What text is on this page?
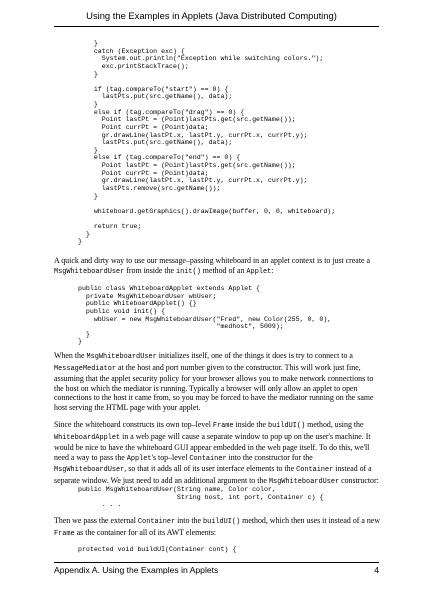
Using the Examples in Applets (Java Distributed Computing)
}
catch (Exception exc) {
System.out.println("Exception while switching colors.");
exc.printStackTrace();
}

if (tag.compareTo("start") == 0) {
lastPts.put(src.getName(), data);
}
else if (tag.compareTo("drag") == 0) {
Point lastPt = (Point)lastPts.get(src.getName());
Point currPt = (Point)data;
gr.drawLine(lastPt.x, lastPt.y, currPt.x, currPt.y);
lastPts.put(src.getName(), data);
}
else if (tag.compareTo("end") == 0) {
Point lastPt = (Point)lastPts.get(src.getName());
Point currPt = (Point)data;
gr.drawLine(lastPt.x, lastPt.y, currPt.x, currPt.y);
lastPts.remove(src.getName());
}

whiteboard.getGraphics().drawImage(buffer, 0, 0, whiteboard);

return true;
}
}

A quick and dirty way to use our message–passing whiteboard in an applet context is to just create a MsgWhiteboardUser from inside the init() method of an Applet:

public class WhiteboardApplet extends Applet {
private MsgWhiteboardUser wbUser;
public WhiteboardApplet() {}
public void init() {
wbUser = new MsgWhiteboardUser("Fred", new Color(255, 0, 0),
"medhost", 5009);
}
}

When the MsgWhiteboardUser initializes itself, one of the things it does is try to connect to a MessageMediator at the host and port number given to the constructor. This will work just fine, assuming that the applet security policy for your browser allows you to make network connections to the host on which the mediator is running. Typically a browser will only allow an applet to open connections to the host it came from, so you may be forced to have the mediator running on the same host serving the HTML page with your applet.

Since the whiteboard constructs its own top–level Frame inside the buildUI() method, using the WhiteboardApplet in a web page will cause a separate window to pop up on the user's machine. It would be nice to have the whiteboard GUI appear embedded in the web page itself. To do this, we'll need a way to pass the Applet's top–level Container into the constructor for the MsgWhiteboardUser, so that it adds all of its user interface elements to the Container instead of a separate window. We just need to add an additional argument to the MsgWhiteboardUser constructor:

public MsgWhiteboardUser(String name, Color color,
String host, int port, Container c) {
. . .

Then we pass the external Container into the buildUI() method, which then uses it instead of a new Frame as the container for all of its AWT elements:

protected void buildUI(Container cont) {
Appendix A. Using the Examples in Applets	4
